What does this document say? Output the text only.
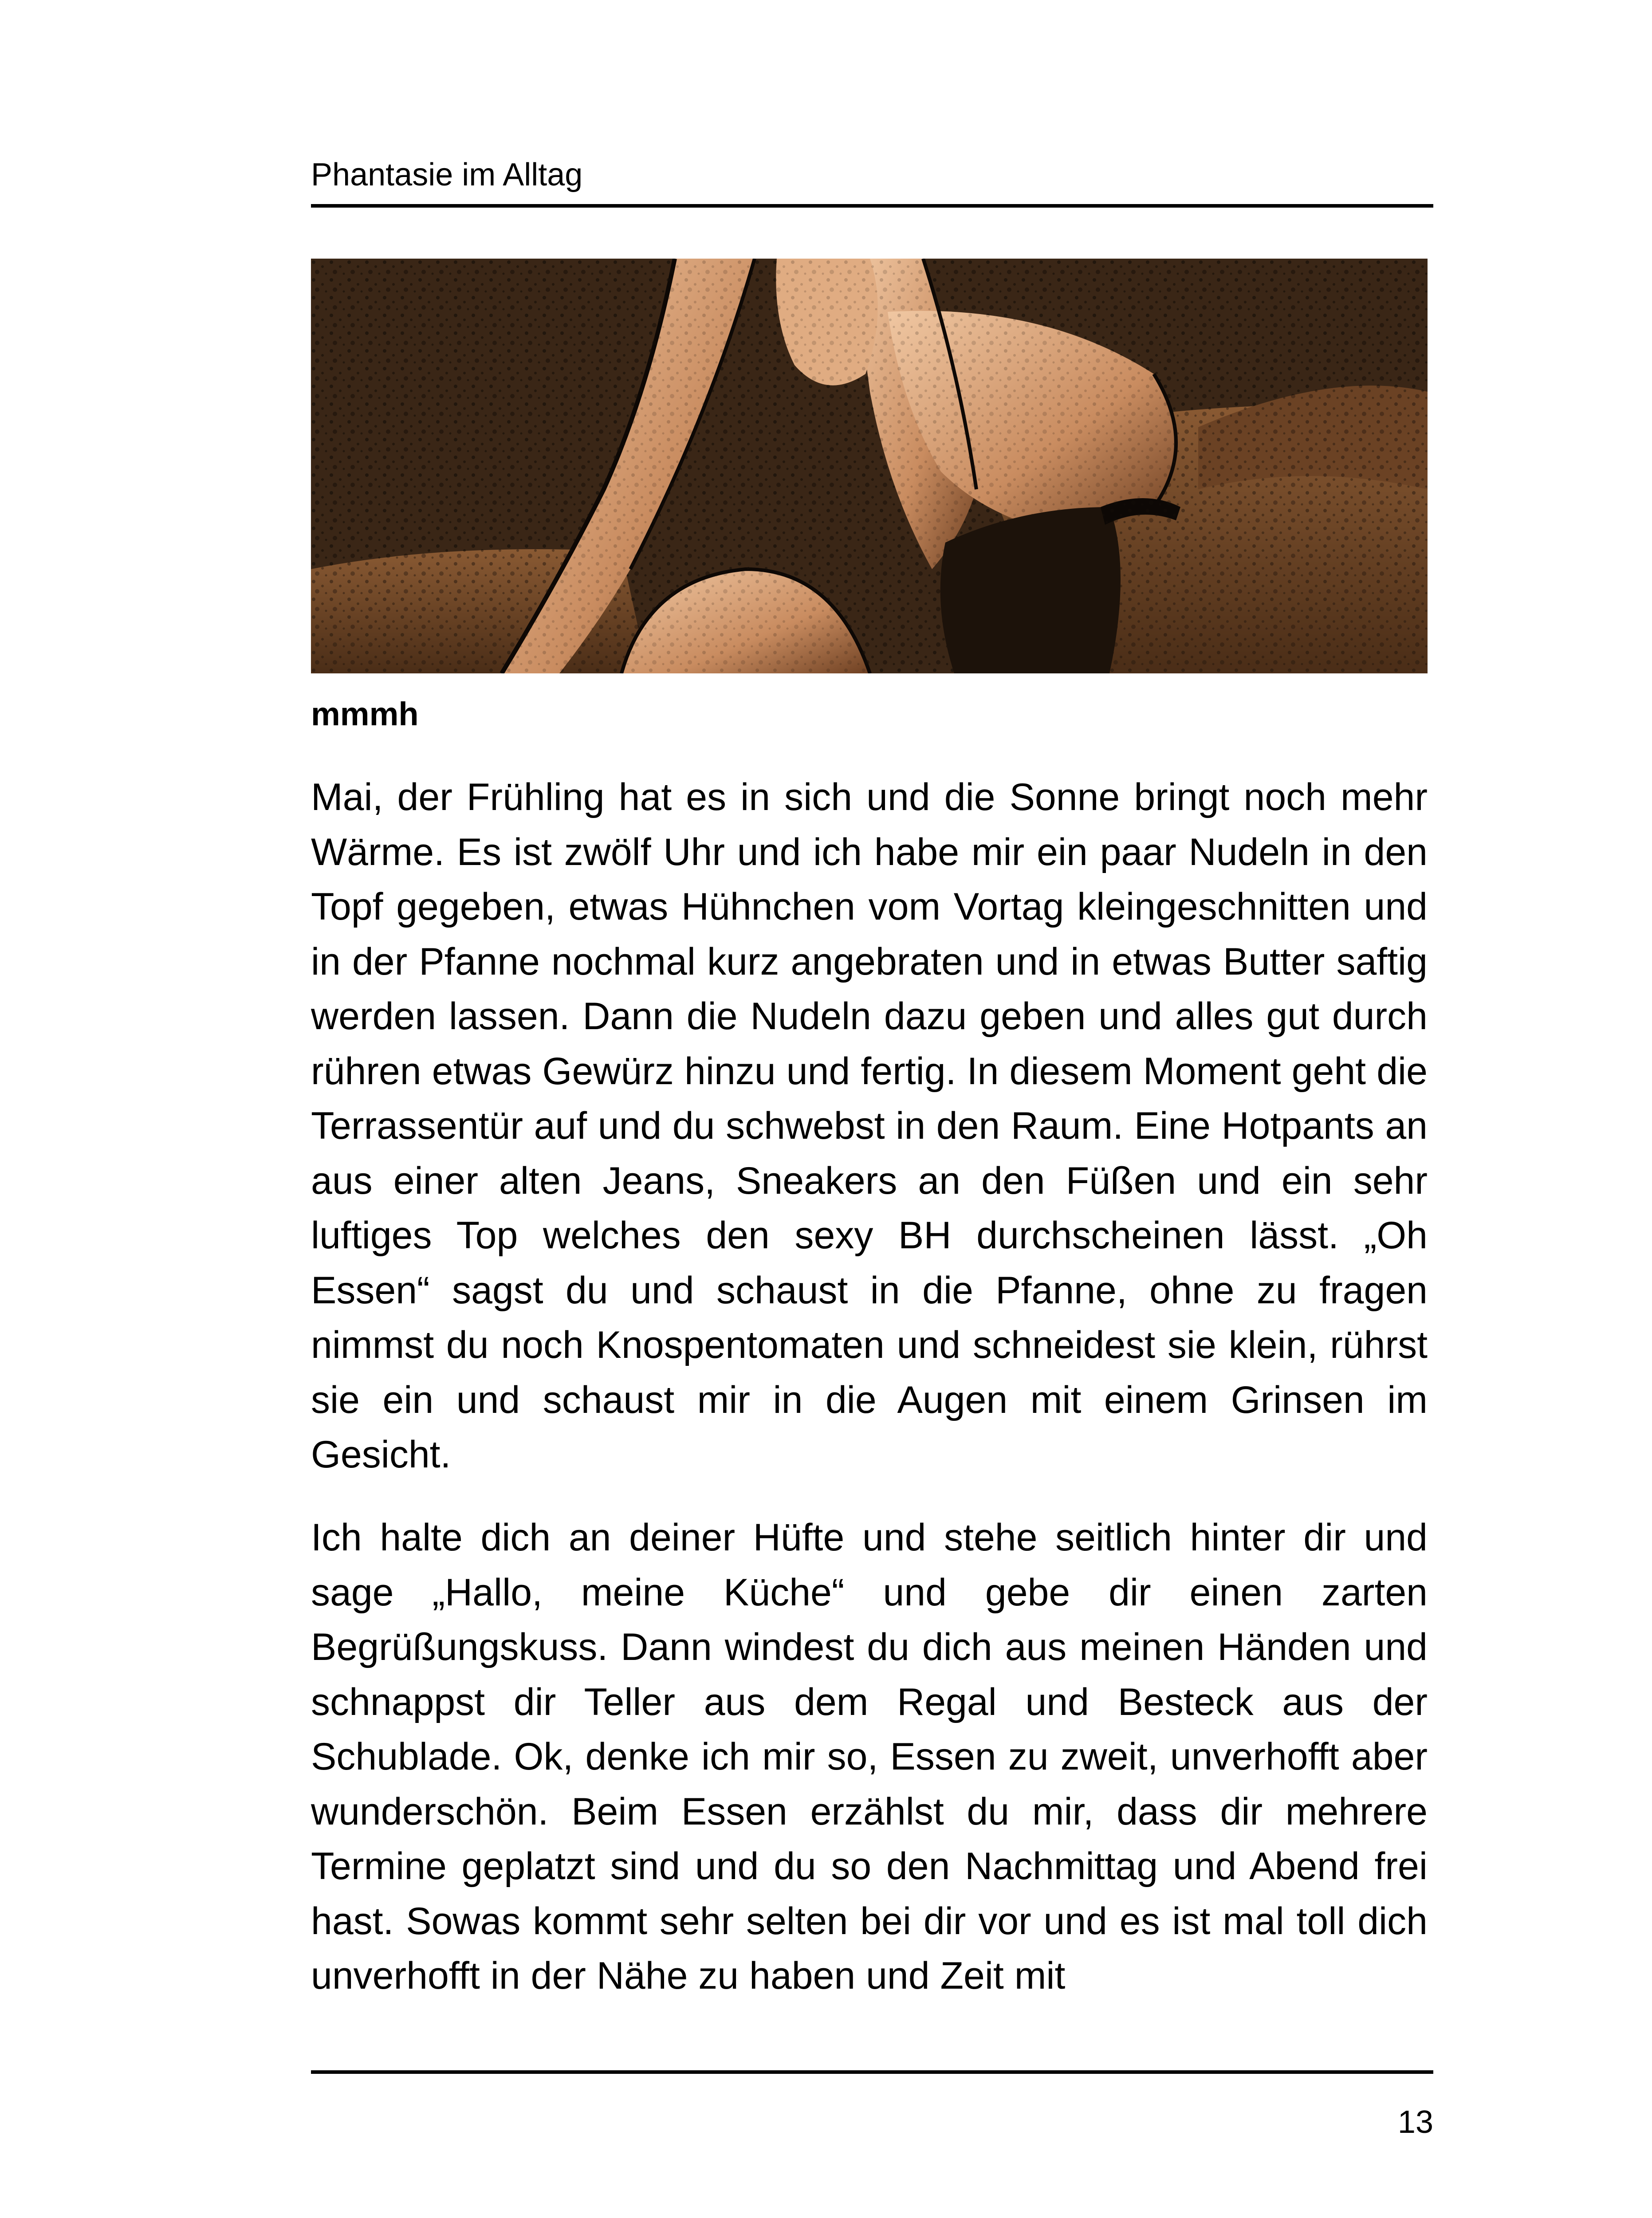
Phantasie im Alltag
mmmh

Mai, der Frühling hat es in sich und die Sonne bringt noch mehr Wärme. Es ist zwölf Uhr und ich habe mir ein paar Nudeln in den Topf gegeben, etwas Hühnchen vom Vortag kleingeschnitten und in der Pfanne nochmal kurz angebraten und in etwas Butter saftig werden lassen. Dann die Nudeln dazu geben und alles gut durch rühren etwas Gewürz hinzu und fertig. In diesem Moment geht die Terrassentür auf und du schwebst in den Raum. Eine Hotpants an aus einer alten Jeans, Sneakers an den Füßen und ein sehr luftiges Top welches den sexy BH durchscheinen lässt. „Oh Essen“ sagst du und schaust in die Pfanne, ohne zu fragen nimmst du noch Knospentomaten und schneidest sie klein, rührst sie ein und schaust mir in die Augen mit einem Grinsen im Gesicht.

Ich halte dich an deiner Hüfte und stehe seitlich hinter dir und sage „Hallo, meine Küche“ und gebe dir einen zarten Begrüßungskuss. Dann windest du dich aus meinen Händen und schnappst dir Teller aus dem Regal und Besteck aus der Schublade. Ok, denke ich mir so, Essen zu zweit, unverhofft aber wunderschön. Beim Essen erzählst du mir, dass dir mehrere Termine geplatzt sind und du so den Nachmittag und Abend frei hast. Sowas kommt sehr selten bei dir vor und es ist mal toll dich unverhofft in der Nähe zu haben und Zeit mit

13
